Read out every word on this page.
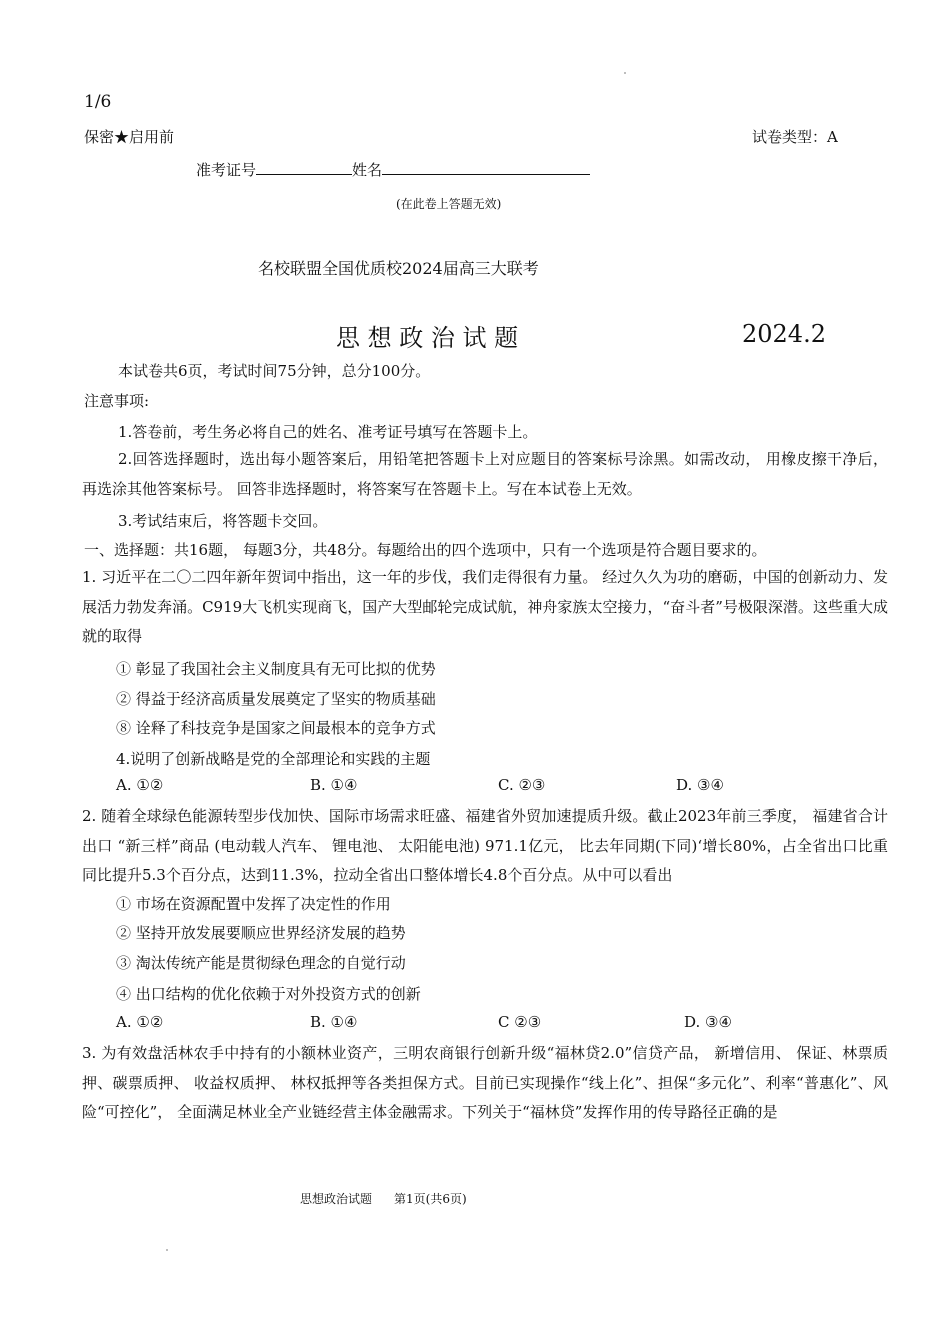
1/6
保密★启用前	试卷类型：A
准考证号	姓名
(在此卷上答题无效)
名校联盟全国优质校2024届高三大联考
思 想 政 治 试 题	2024.2
本试卷共6页，考试时间75分钟，总分100分。
注意事项:
1.答卷前，考生务必将自己的姓名、准考证号填写在答题卡上。
2.回答选择题时，选出每小题答案后，用铅笔把答题卡上对应题目的答案标号涂黑。如需改动， 用橡皮擦干净后， 再选涂其他答案标号。 回答非选择题时，将答案写在答题卡上。写在本试卷上无效。
3.考试结束后，将答题卡交回。
一、选择题：共16题， 每题3分，共48分。每题给出的四个选项中，只有一个选项是符合题目要求的。
1. 习近平在二〇二四年新年贺词中指出，这一年的步伐，我们走得很有力量。 经过久久为功的磨砺，中国的创新动力、发展活力勃发奔涌。C919大飞机实现商飞，国产大型邮轮完成试航，神舟家族太空接力，“奋斗者”号极限深潜。这些重大成就的取得
① 彰显了我国社会主义制度具有无可比拟的优势
② 得益于经济高质量发展奠定了坚实的物质基础
⑧ 诠释了科技竞争是国家之间最根本的竞争方式
4.说明了创新战略是党的全部理论和实践的主题
A. ①②	B. ①④	C. ②③	D. ③④
2. 随着全球绿色能源转型步伐加快、国际市场需求旺盛、福建省外贸加速提质升级。截止2023年前三季度， 福建省合计出口 “新三样”商品 (电动载人汽车、 锂电池、 太阳能电池) 971.1亿元， 比去年同期(下同)‘增长80%，占全省出口比重同比提升5.3个百分点，达到11.3%，拉动全省出口整体增长4.8个百分点。从中可以看出
① 市场在资源配置中发挥了决定性的作用
② 坚持开放发展要顺应世界经济发展的趋势
③ 淘汰传统产能是贯彻绿色理念的自觉行动
④ 出口结构的优化依赖于对外投资方式的创新
A. ①②	B. ①④	C ②③	D. ③④
3. 为有效盘活林农手中持有的小额林业资产，三明农商银行创新升级“福林贷2.0”信贷产品， 新增信用、 保证、林票质押、碳票质押、 收益权质押、 林权抵押等各类担保方式。目前已实现操作“线上化”、担保“多元化”、利率“普惠化”、风险“可控化”， 全面满足林业全产业链经营主体金融需求。下列关于“福林贷”发挥作用的传导路径正确的是
思想政治试题 第1页(共6页)
